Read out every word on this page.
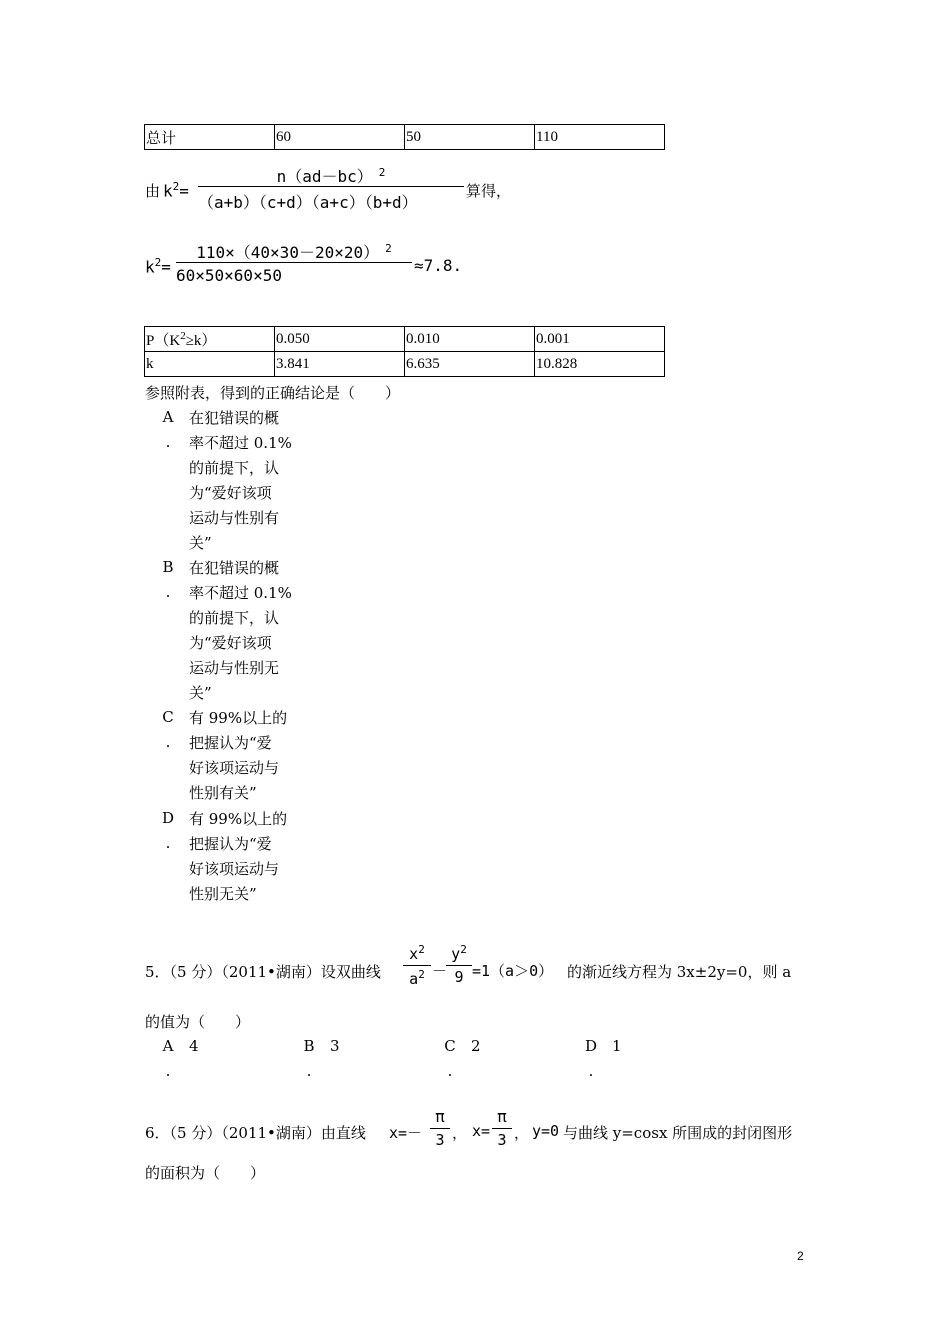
总计	60	50	110
由 $k^2= \frac{n(ad-bc) ^2}{(a+b)(c+d)(a+c)(b+d)}$ 算得，
$k^2= \frac{110\times(40\times 30-20\times 20) ^2}{60\times 50\times 60\times 50} \approx 7.8$.
$P(K^2\ge k)$	0.050	0.010	0.001
k	3.841	6.635	10.828
参照附表，得到的正确结论是（　　）
A
.
在犯错误的概
率不超过 0.1%
的前提下，认
为“爱好该项
运动与性别有
关”
B
.
在犯错误的概
率不超过 0.1%
的前提下，认
为“爱好该项
运动与性别无
关”
C
.
有 99%以上的
把握认为“爱
好该项运动与
性别有关”
D
.
有 99%以上的
把握认为“爱
好该项运动与
性别无关”
5．（5 分）（2011•湖南）设双曲线 $\frac{x^2}{a^2}$ －
$\frac{y^2}{9} =1(a>0)$ 的渐近线方程为 3x±2y=0，则 a
的值为（　　）
A
.
4	B
.
3	C
.
2	D
.
1
6．（5 分）（2011•湖南）由直线 $x=- \frac{\pi}{3}$ ， $x= \frac{\pi}{3}$ ， y=0 与曲线 y=cosx 所围成的封闭图形
的面积为（　　）
2
